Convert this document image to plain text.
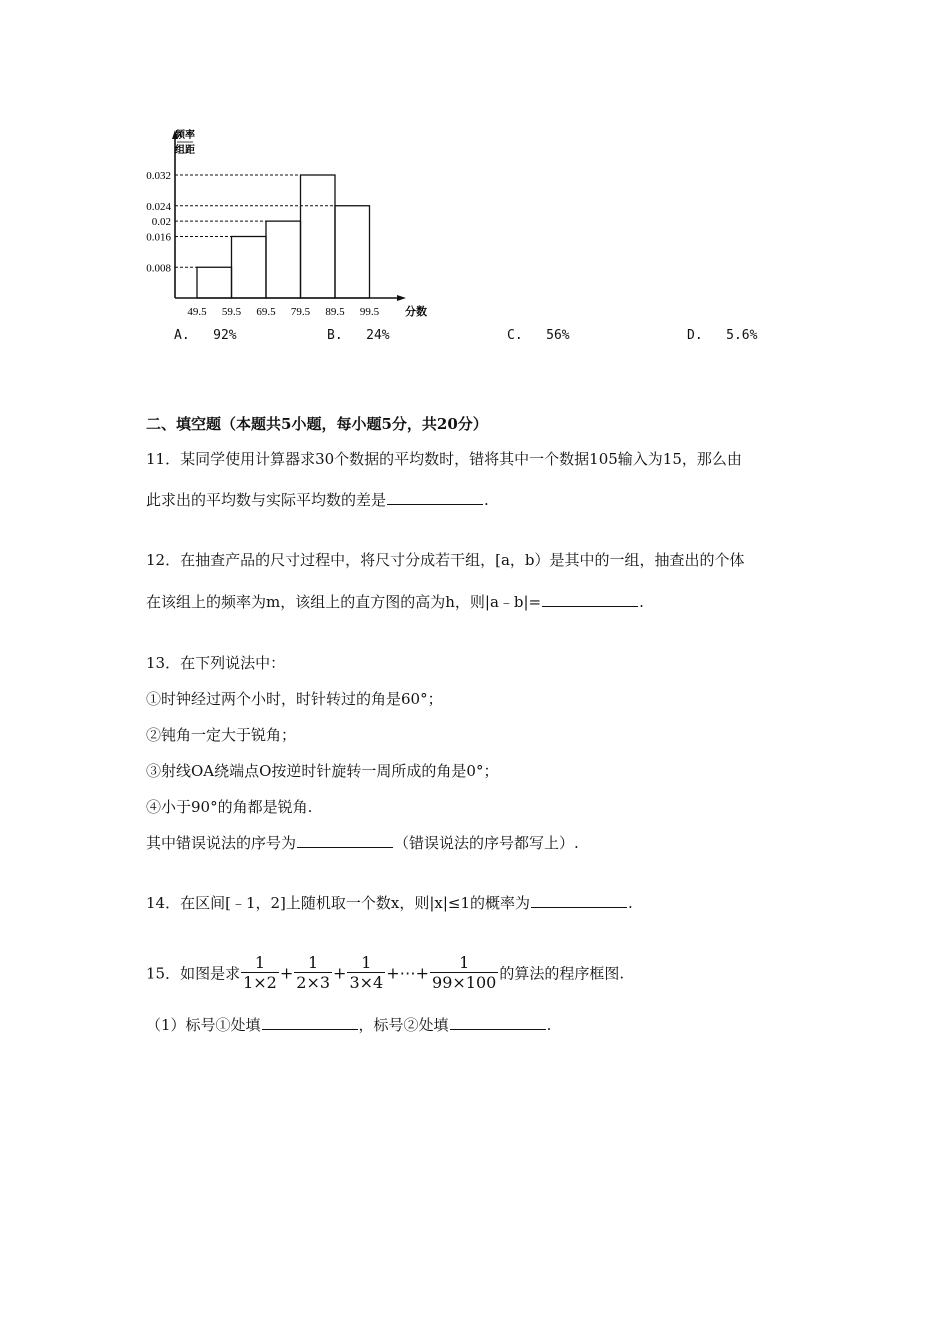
频率
组距
分数
0.032
0.024
0.02
0.016
0.008
49.5 59.5 69.5 79.5 89.5 99.5
A. 92%	B. 24%	C. 56%	D. 5.6%
二、填空题（本题共5小题，每小题5分，共20分）
11．某同学使用计算器求30个数据的平均数时，错将其中一个数据105输入为15，那么由
此求出的平均数与实际平均数的差是	.
12．在抽查产品的尺寸过程中，将尺寸分成若干组，[a，b）是其中的一组，抽查出的个体
在该组上的频率为m，该组上的直方图的高为h，则|a﹣b|=	.
13．在下列说法中：
①时钟经过两个小时，时针转过的角是60°；
②钝角一定大于锐角；
③射线OA绕端点O按逆时针旋转一周所成的角是0°；
④小于90°的角都是锐角.
其中错误说法的序号为	（错误说法的序号都写上）.
14．在区间[﹣1，2]上随机取一个数x，则|x|≤1的概率为	.
15．如图是求 $\frac{1}{1\times 2} + \frac{1}{2\times 3} + \frac{1}{3\times 4}$ +⋯+ $\frac{1}{99\times 100}$ 的算法的程序框图.
（1）标号①处填	，标号②处填	.
